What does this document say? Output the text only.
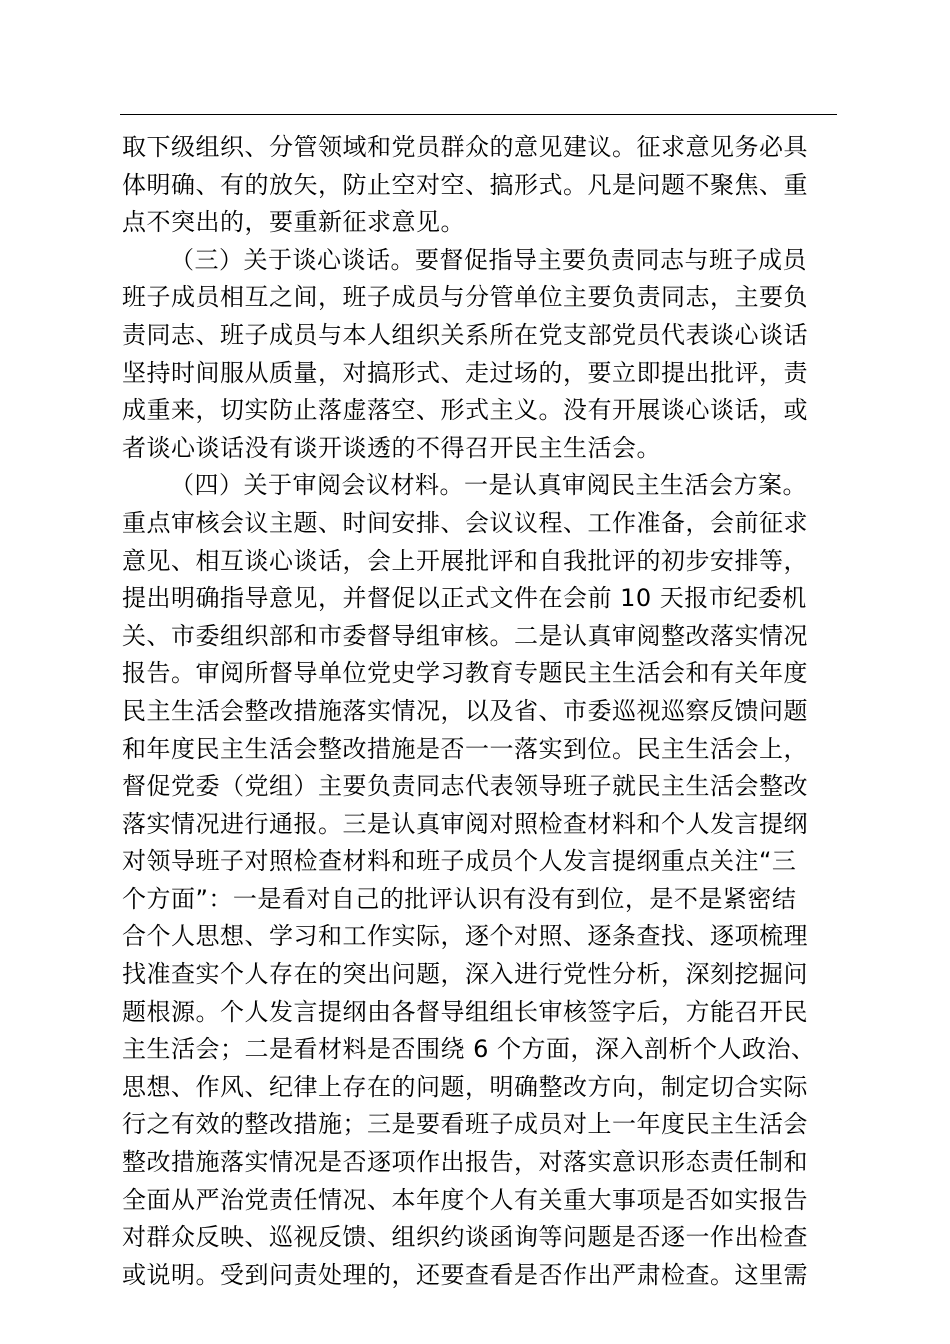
取下级组织、分管领域和党员群众的意见建议。征求意见务必具
体明确、有的放矢，防止空对空、搞形式。凡是问题不聚焦、重
点不突出的，要重新征求意见。
（三）关于谈心谈话。要督促指导主要负责同志与班子成员
班子成员相互之间，班子成员与分管单位主要负责同志，主要负
责同志、班子成员与本人组织关系所在党支部党员代表谈心谈话
坚持时间服从质量，对搞形式、走过场的，要立即提出批评，责
成重来，切实防止落虚落空、形式主义。没有开展谈心谈话，或
者谈心谈话没有谈开谈透的不得召开民主生活会。
（四）关于审阅会议材料。一是认真审阅民主生活会方案。
重点审核会议主题、时间安排、会议议程、工作准备，会前征求
意见、相互谈心谈话，会上开展批评和自我批评的初步安排等，
提出明确指导意见，并督促以正式文件在会前 10 天报市纪委机
关、市委组织部和市委督导组审核。二是认真审阅整改落实情况
报告。审阅所督导单位党史学习教育专题民主生活会和有关年度
民主生活会整改措施落实情况，以及省、市委巡视巡察反馈问题
和年度民主生活会整改措施是否一一落实到位。民主生活会上，
督促党委（党组）主要负责同志代表领导班子就民主生活会整改
落实情况进行通报。三是认真审阅对照检查材料和个人发言提纲
对领导班子对照检查材料和班子成员个人发言提纲重点关注“三
个方面”：一是看对自己的批评认识有没有到位，是不是紧密结
合个人思想、学习和工作实际，逐个对照、逐条查找、逐项梳理
找准查实个人存在的突出问题，深入进行党性分析，深刻挖掘问
题根源。个人发言提纲由各督导组组长审核签字后，方能召开民
主生活会；二是看材料是否围绕 6 个方面，深入剖析个人政治、
思想、作风、纪律上存在的问题，明确整改方向，制定切合实际
行之有效的整改措施；三是要看班子成员对上一年度民主生活会
整改措施落实情况是否逐项作出报告，对落实意识形态责任制和
全面从严治党责任情况、本年度个人有关重大事项是否如实报告
对群众反映、巡视反馈、组织约谈函询等问题是否逐一作出检查
或说明。受到问责处理的，还要查看是否作出严肃检查。这里需
